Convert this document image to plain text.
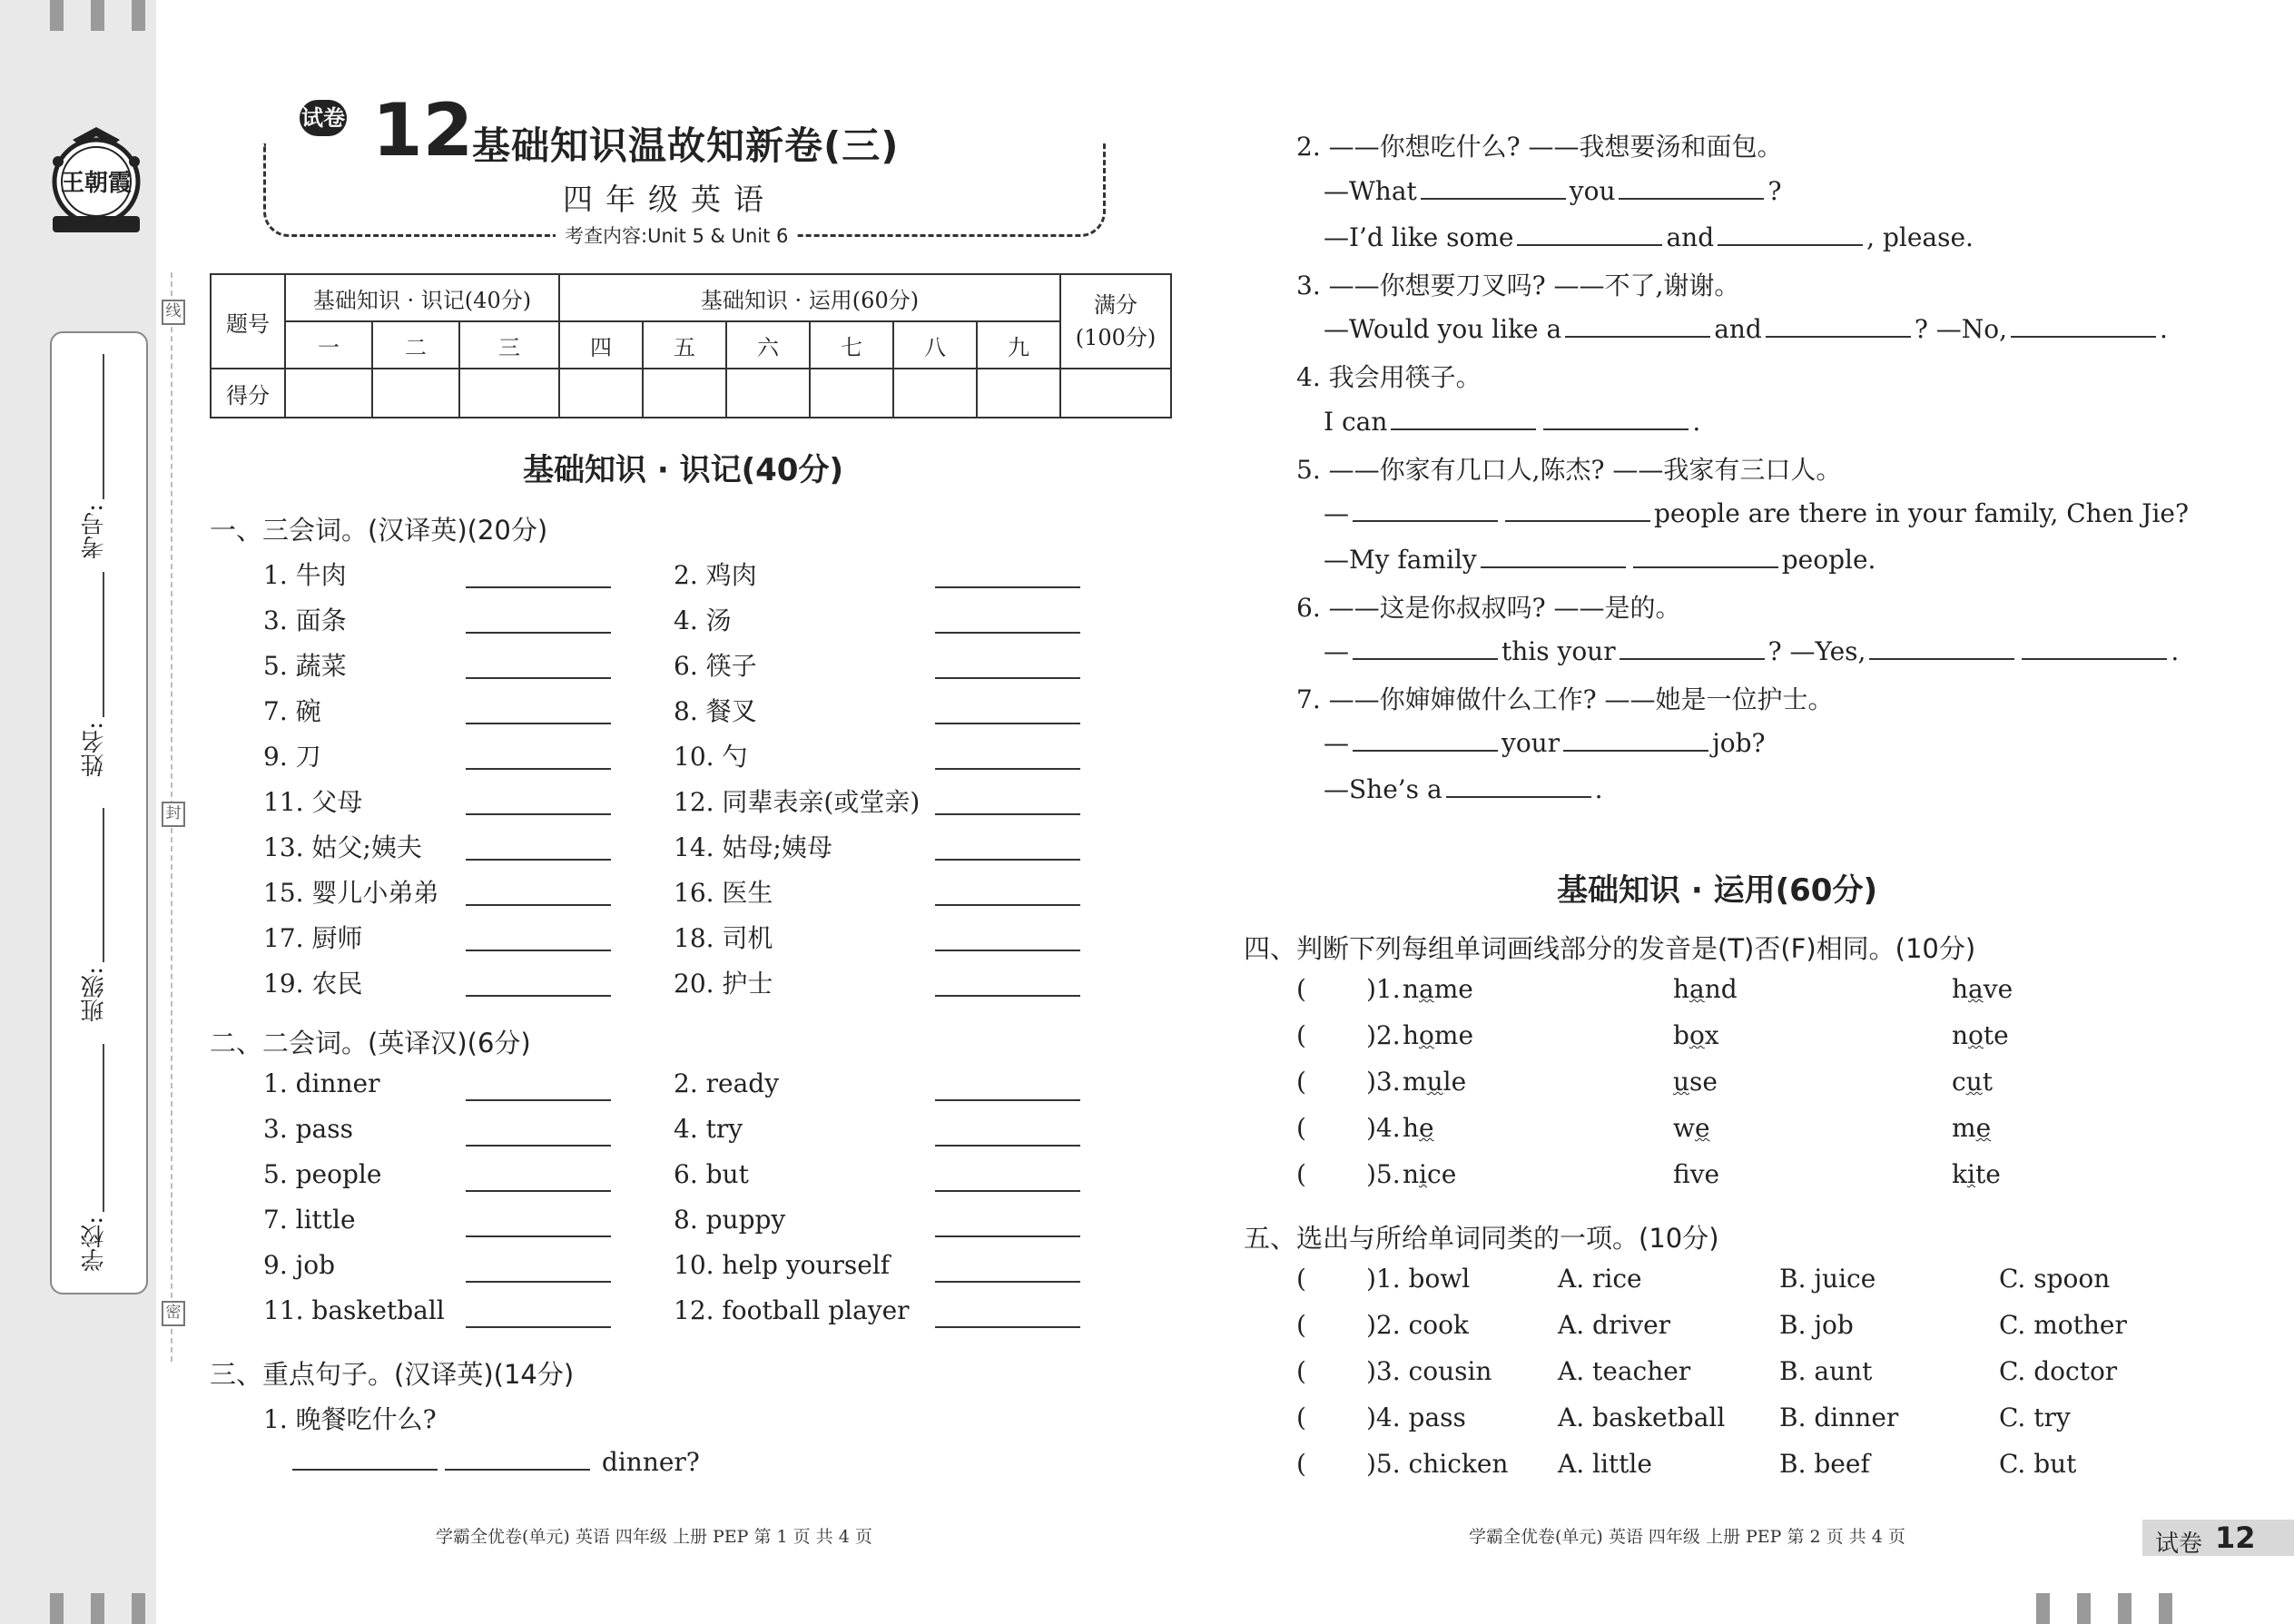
王朝霞
考号:
姓名:
班级:
学校:
线
封
密
试卷 12
基础知识温故知新卷(三)
四年级英语
考查内容:Unit 5 & Unit 6
题号	基础知识 · 识记(40分)			基础知识 · 运用(60分)						满分
(100分)

	一	二	三	四	五	六	七	八	九	
得分										
基础知识 · 识记(40分)
一、三会词。(汉译英)(20分)
1. 牛肉	2. 鸡肉
3. 面条	4. 汤
5. 蔬菜	6. 筷子
7. 碗	8. 餐叉
9. 刀	10. 勺
11. 父母	12. 同辈表亲(或堂亲)
13. 姑父;姨夫	14. 姑母;姨母
15. 婴儿小弟弟	16. 医生
17. 厨师	18. 司机
19. 农民	20. 护士
二、二会词。(英译汉)(6分)
1. dinner	2. ready
3. pass	4. try
5. people	6. but
7. little	8. puppy
9. job	10. help yourself
11. basketball	12. football player
三、重点句子。(汉译英)(14分)
1. 晚餐吃什么?
dinner?
2. ——你想吃什么? ——我想要汤和面包。
—What	you	?
—I’d like some	and	, please.
3. ——你想要刀叉吗? ——不了,谢谢。
—Would you like a	and	? —No,	.
4. 我会用筷子。
I can	.
5. ——你家有几口人,陈杰? ——我家有三口人。
—	people are there in your family, Chen Jie?
—My family	people.
6. ——这是你叔叔吗? ——是的。
—	this your	? —Yes,	.
7. ——你婶婶做什么工作? ——她是一位护士。
—	your	job?
—She’s a	.
基础知识 · 运用(60分)
四、判断下列每组单词画线部分的发音是(T)否(F)相同。(10分)
( )1. name	hand	have
( )2. home	box	note
( )3. mule	use	cut
( )4. he	we	me
( )5. nice	fve	kite
五、选出与所给单词同类的一项。(10分)
( )1. bowl	A. rice	B. juice	C. spoon
( )2. cook	A. driver	B. job	C. mother
( )3. cousin	A. teacher	B. aunt	C. doctor
( )4. pass	A. basketball B. dinner	C. try
( )5. chicken A. little	B. beef	C. but
学霸全优卷(单元) 英语 四年级 上册 PEP 第 1 页 共 4 页	学霸全优卷(单元) 英语 四年级 上册 PEP 第 2 页 共 4 页	试卷 12
